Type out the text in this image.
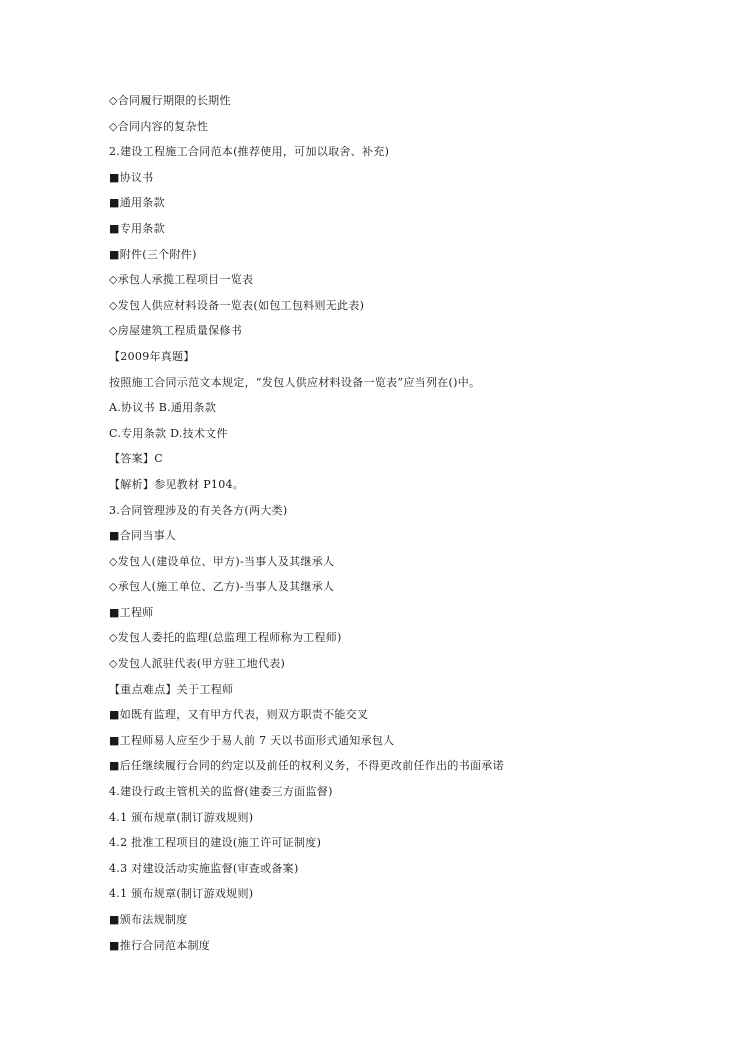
◇合同履行期限的长期性
◇合同内容的复杂性
2.建设工程施工合同范本(推荐使用，可加以取舍、补充)
■协议书
■通用条款
■专用条款
■附件(三个附件)
◇承包人承揽工程项目一览表
◇发包人供应材料设备一览表(如包工包料则无此表)
◇房屋建筑工程质量保修书
【2009年真题】
按照施工合同示范文本规定，“发包人供应材料设备一览表”应当列在()中。
A.协议书 B.通用条款
C.专用条款 D.技术文件
【答案】C
【解析】参见教材 P104。
3.合同管理涉及的有关各方(两大类)
■合同当事人
◇发包人(建设单位、甲方)-当事人及其继承人
◇承包人(施工单位、乙方)-当事人及其继承人
■工程师
◇发包人委托的监理(总监理工程师称为工程师)
◇发包人派驻代表(甲方驻工地代表)
【重点难点】关于工程师
■如既有监理，又有甲方代表，则双方职责不能交叉
■工程师易人应至少于易人前 7 天以书面形式通知承包人
■后任继续履行合同的约定以及前任的权利义务，不得更改前任作出的书面承诺
4.建设行政主管机关的监督(建委三方面监督)
4.1 颁布规章(制订游戏规则)
4.2 批准工程项目的建设(施工许可证制度)
4.3 对建设活动实施监督(审查或备案)
4.1 颁布规章(制订游戏规则)
■颁布法规制度
■推行合同范本制度
